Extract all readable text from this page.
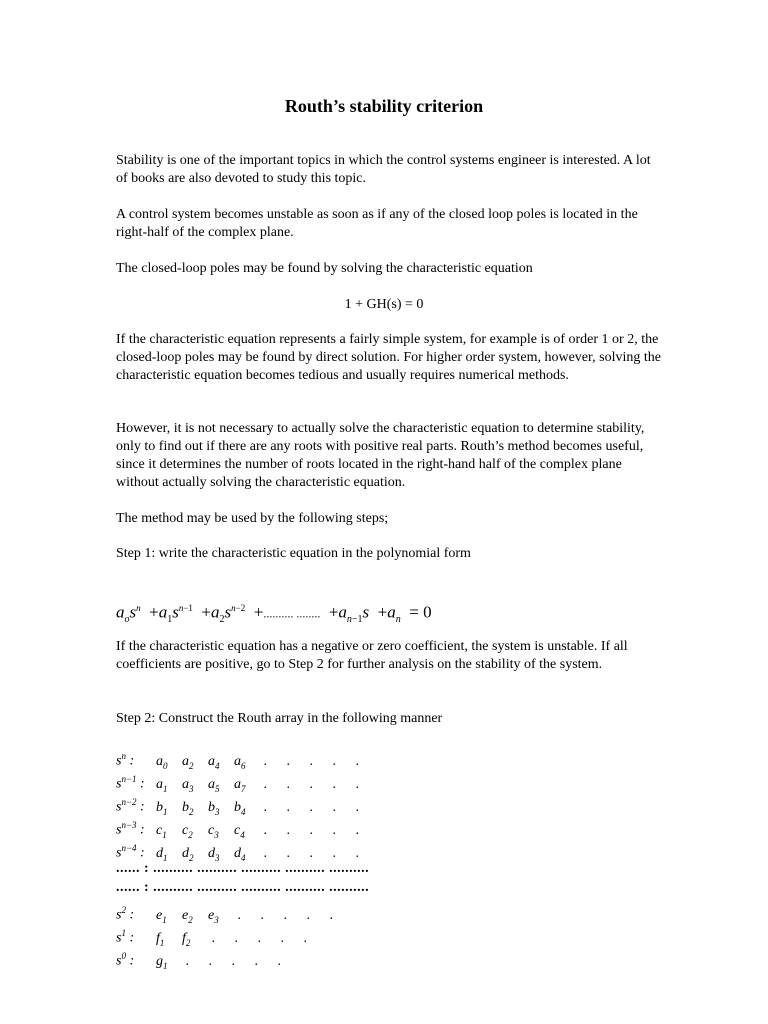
Routh’s stability criterion

Stability is one of the important topics in which the control systems engineer is interested. A lot of books are also devoted to study this topic.

A control system becomes unstable as soon as if any of the closed loop poles is located in the right-half of the complex plane.

The closed-loop poles may be found by solving the characteristic equation

1 + GH(s) = 0

If the characteristic equation represents a fairly simple system, for example is of order 1 or 2, the closed-loop poles may be found by direct solution. For higher order system, however, solving the characteristic equation becomes tedious and usually requires numerical methods.

However, it is not necessary to actually solve the characteristic equation to determine stability, only to find out if there are any roots with positive real parts. Routh’s method becomes useful, since it determines the number of roots located in the right-hand half of the complex plane without actually solving the characteristic equation.

The method may be used by the following steps;

Step 1: write the characteristic equation in the polynomial form

$a_os^n +a_1s^{n-1} +a_2s^{n-2}$  +.......... ........  $+a_{n-1}s +a_n = 0$

If the characteristic equation has a negative or zero coefficient, the system is unstable. If all coefficients are positive, go to Step 2 for further analysis on the stability of the system.

Step 2: Construct the Routh array in the following manner

$s^n$ : $a_0$ $a_2$ $a_4$ $a_6$ . . . . .
$s^{n-1}$ : $a_1$ $a_3$ $a_5$ $a_7$ . . . . .
$s^{n-2}$ : $b_1$ $b_2$ $b_3$ $b_4$ . . . . .
$s^{n-3}$ : $c_1$ $c_2$ $c_3$ $c_4$ . . . . .
$s^{n-4}$ : $d_1$ $d_2$ $d_3$ $d_4$ . . . . .
...... : .......... .......... .......... .......... ..........
...... : .......... .......... .......... .......... ..........
$s^2$ : $e_1$ $e_2$ $e_3$ . . . . .
$s^1$ : $f_1$ $f_2$ . . . . .
$s^0$ : $g_1$ . . . . .
